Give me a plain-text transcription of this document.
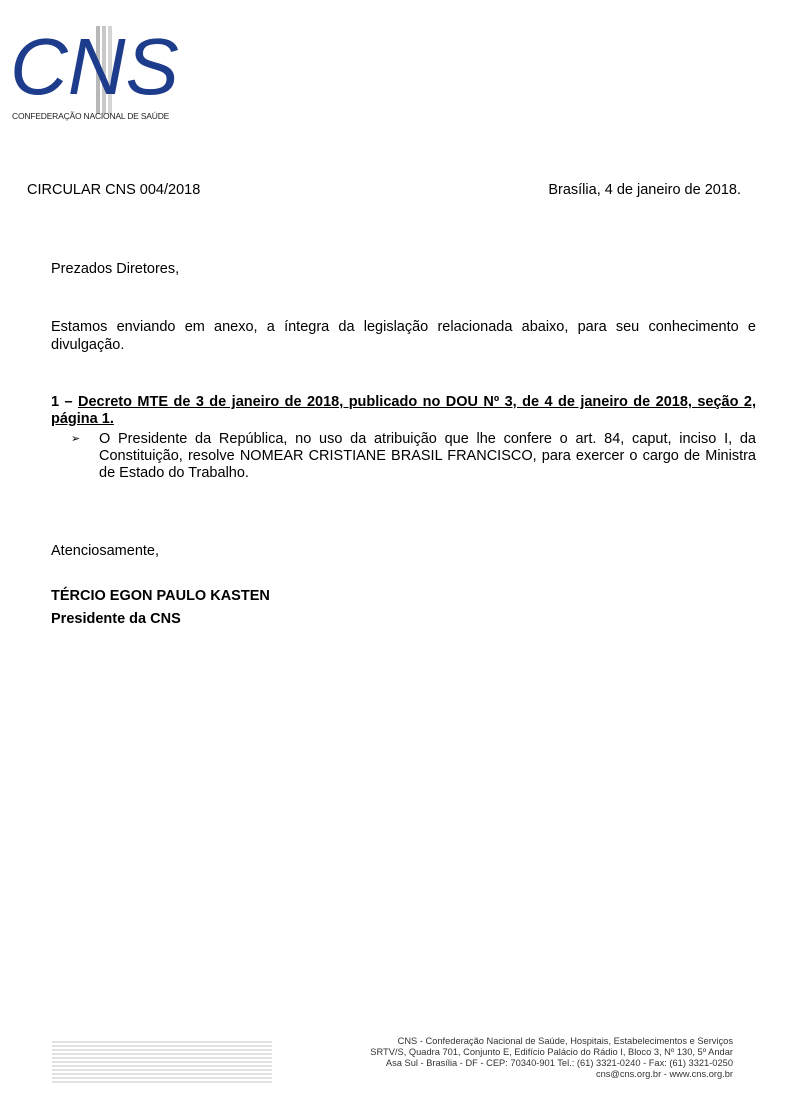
CNS
CONFEDERAÇÃO NACIONAL DE SAÚDE
CIRCULAR CNS 004/2018	Brasília, 4 de janeiro de 2018.
Prezados Diretores,
Estamos enviando em anexo, a íntegra da legislação relacionada abaixo, para seu conhecimento e divulgação.
1 – Decreto MTE de 3 de janeiro de 2018, publicado no DOU Nº 3, de 4 de janeiro de 2018, seção 2, página 1.
➢ O Presidente da República, no uso da atribuição que lhe confere o art. 84, caput, inciso I, da Constituição, resolve NOMEAR CRISTIANE BRASIL FRANCISCO, para exercer o cargo de Ministra de Estado do Trabalho.
Atenciosamente,
TÉRCIO EGON PAULO KASTEN
Presidente da CNS
CNS - Confederação Nacional de Saúde, Hospitais, Estabelecimentos e Serviços
SRTV/S, Quadra 701, Conjunto E, Edifício Palácio do Rádio I, Bloco 3, Nº 130, 5º Andar
Asa Sul - Brasília - DF - CEP: 70340-901 Tel.: (61) 3321-0240 - Fax: (61) 3321-0250
cns@cns.org.br - www.cns.org.br
